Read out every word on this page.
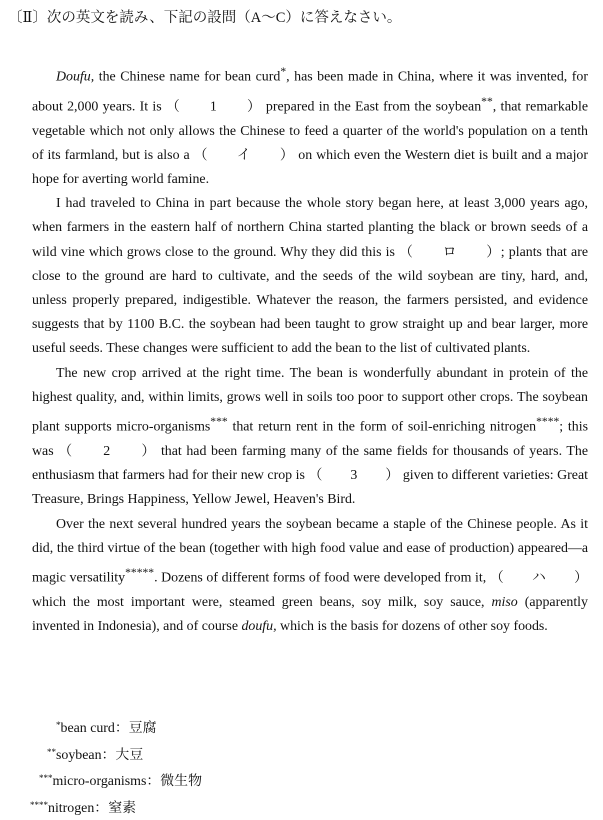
〔Ⅱ〕次の英文を読み、下記の設問（A～C）に答えなさい。

Doufu, the Chinese name for bean curd*, has been made in China, where it was invented, for about 2,000 years. It is （　　1　　） prepared in the East from the soybean**, that remarkable vegetable which not only allows the Chinese to feed a quarter of the world's population on a tenth of its farmland, but is also a （　　イ　　） on which even the Western diet is built and a major hope for averting world famine.

I had traveled to China in part because the whole story began here, at least 3,000 years ago, when farmers in the eastern half of northern China started planting the black or brown seeds of a wild vine which grows close to the ground. Why they did this is （　　ロ　　）; plants that are close to the ground are hard to cultivate, and the seeds of the wild soybean are tiny, hard, and, unless properly prepared, indigestible. Whatever the reason, the farmers persisted, and evidence suggests that by 1100 B.C. the soybean had been taught to grow straight up and bear larger, more useful seeds. These changes were sufficient to add the bean to the list of cultivated plants.

The new crop arrived at the right time. The bean is wonderfully abundant in protein of the highest quality, and, within limits, grows well in soils too poor to support other crops. The soybean plant supports micro-organisms*** that return rent in the form of soil-enriching nitrogen****; this was （　　2　　） that had been farming many of the same fields for thousands of years. The enthusiasm that farmers had for their new crop is （　　3　　） given to different varieties: Great Treasure, Brings Happiness, Yellow Jewel, Heaven's Bird.

Over the next several hundred years the soybean became a staple of the Chinese people. As it did, the third virtue of the bean (together with high food value and ease of production) appeared—a magic versatility*****. Dozens of different forms of food were developed from it, （　　ハ　　） which the most important were, steamed green beans, soy milk, soy sauce, miso (apparently invented in Indonesia), and of course doufu, which is the basis for dozens of other soy foods.

*bean curd：豆腐
**soybean：大豆
***micro-organisms：微生物
****nitrogen：窒素
